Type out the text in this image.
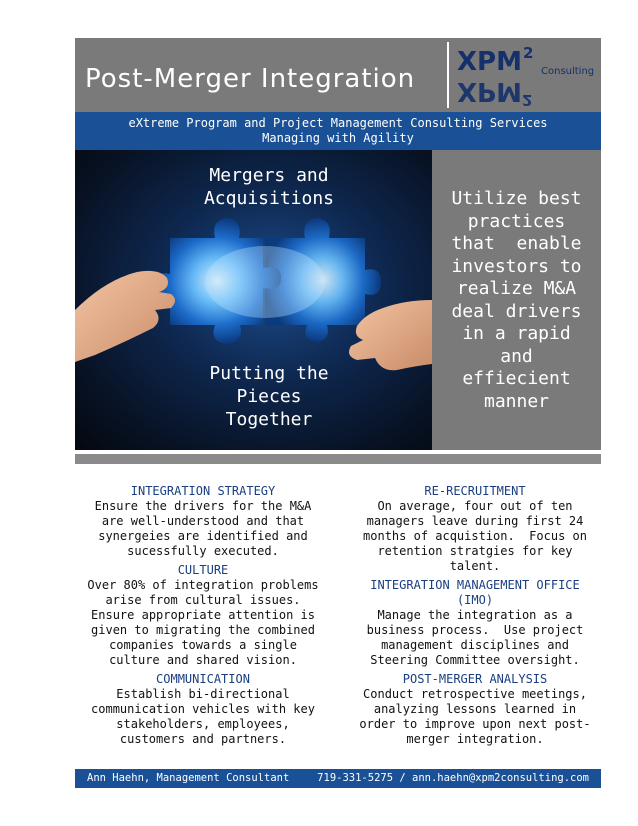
Post-Merger Integration
XPM$^2$
XPM$^2$
Consulting
eXtreme Program and Project Management Consulting Services
Managing with Agility
Mergers and
Acquisitions
Putting the
Pieces
Together
Utilize best
practices
that  enable
investors to
realize M&A
deal drivers
in a rapid
and
effiecient
manner
INTEGRATION STRATEGY
Ensure the drivers for the M&A
are well-understood and that
synergeies are identified and
sucessfully executed.
CULTURE
Over 80% of integration problems
arise from cultural issues.
Ensure appropriate attention is
given to migrating the combined
companies towards a single
culture and shared vision.
COMMUNICATION
Establish bi-directional
communication vehicles with key
stakeholders, employees,
customers and partners.
RE-RECRUITMENT
On average, four out of ten
managers leave during first 24
months of acquistion.  Focus on
retention stratgies for key
talent.
INTEGRATION MANAGEMENT OFFICE
(IMO)
Manage the integration as a
business process.  Use project
management disciplines and
Steering Committee oversight.
POST-MERGER ANALYSIS
Conduct retrospective meetings,
analyzing lessons learned in
order to improve upon next post-
merger integration.
Ann Haehn, Management Consultant	719-331-5275 / ann.haehn@xpm2consulting.com
